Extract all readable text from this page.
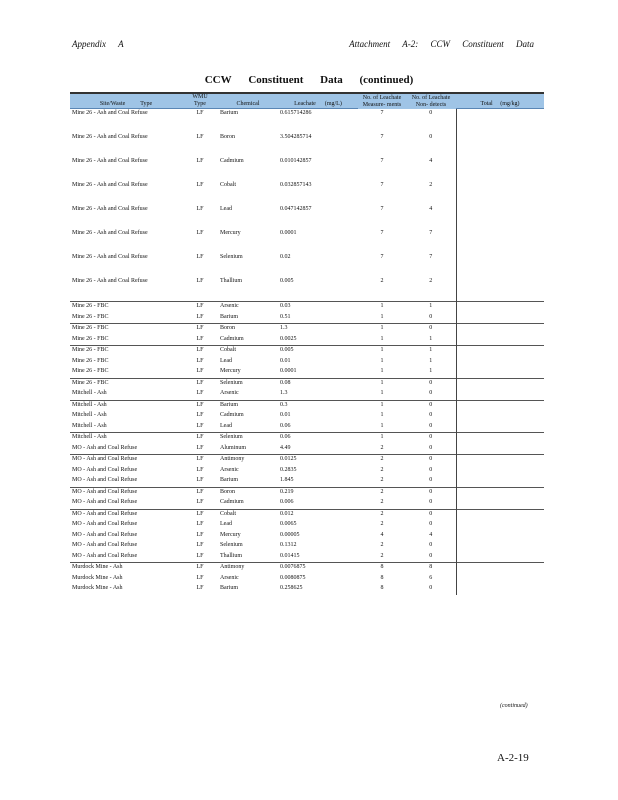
Appendix A	Attachment A-2: CCW Constituent Data
CCW Constituent Data (continued)
				No. of Leachate Measure- ments	No. of Leachate Non- detects	
Site/Waste Type	WMU
Type	Chemical	Leachate (mg/L)			Total (mg/kg)
Mine 26 - Ash and Coal Refuse	LF	Barium	0.615714286	7	0	
Mine 26 - Ash and Coal Refuse	LF	Boron	3.504285714	7	0	
Mine 26 - Ash and Coal Refuse	LF	Cadmium	0.010142857	7	4	
Mine 26 - Ash and Coal Refuse	LF	Cobalt	0.032857143	7	2	
Mine 26 - Ash and Coal Refuse	LF	Lead	0.047142857	7	4	
Mine 26 - Ash and Coal Refuse	LF	Mercury	0.0001	7	7	
Mine 26 - Ash and Coal Refuse	LF	Selenium	0.02	7	7	
Mine 26 - Ash and Coal Refuse	LF	Thallium	0.005	2	2	
Mine 26 - FBC	LF	Arsenic	0.03	1	1	
Mine 26 - FBC	LF	Barium	0.51	1	0	
Mine 26 - FBC	LF	Boron	1.3	1	0	
Mine 26 - FBC	LF	Cadmium	0.0025	1	1	
Mine 26 - FBC	LF	Cobalt	0.005	1	1	
Mine 26 - FBC	LF	Lead	0.01	1	1	
Mine 26 - FBC	LF	Mercury	0.0001	1	1	
Mine 26 - FBC	LF	Selenium	0.08	1	0	
Mitchell - Ash	LF	Arsenic	1.3	1	0	
Mitchell - Ash	LF	Barium	0.3	1	0	
Mitchell - Ash	LF	Cadmium	0.01	1	0	
Mitchell - Ash	LF	Lead	0.06	1	0	
Mitchell - Ash	LF	Selenium	0.06	1	0	
MO - Ash and Coal Refuse	LF	Aluminum	4.49	2	0	
MO - Ash and Coal Refuse	LF	Antimony	0.0125	2	0	
MO - Ash and Coal Refuse	LF	Arsenic	0.2835	2	0	
MO - Ash and Coal Refuse	LF	Barium	1.845	2	0	
MO - Ash and Coal Refuse	LF	Boron	0.219	2	0	
MO - Ash and Coal Refuse	LF	Cadmium	0.006	2	0	
MO - Ash and Coal Refuse	LF	Cobalt	0.012	2	0	
MO - Ash and Coal Refuse	LF	Lead	0.0065	2	0	
MO - Ash and Coal Refuse	LF	Mercury	0.00005	4	4	
MO - Ash and Coal Refuse	LF	Selenium	0.1312	2	0	
MO - Ash and Coal Refuse	LF	Thallium	0.01415	2	0	
Murdock Mine - Ash	LF	Antimony	0.0076875	8	8	
Murdock Mine - Ash	LF	Arsenic	0.0080875	8	6	
Murdock Mine - Ash	LF	Barium	0.258625	8	0	
(continued)
A-2-19
